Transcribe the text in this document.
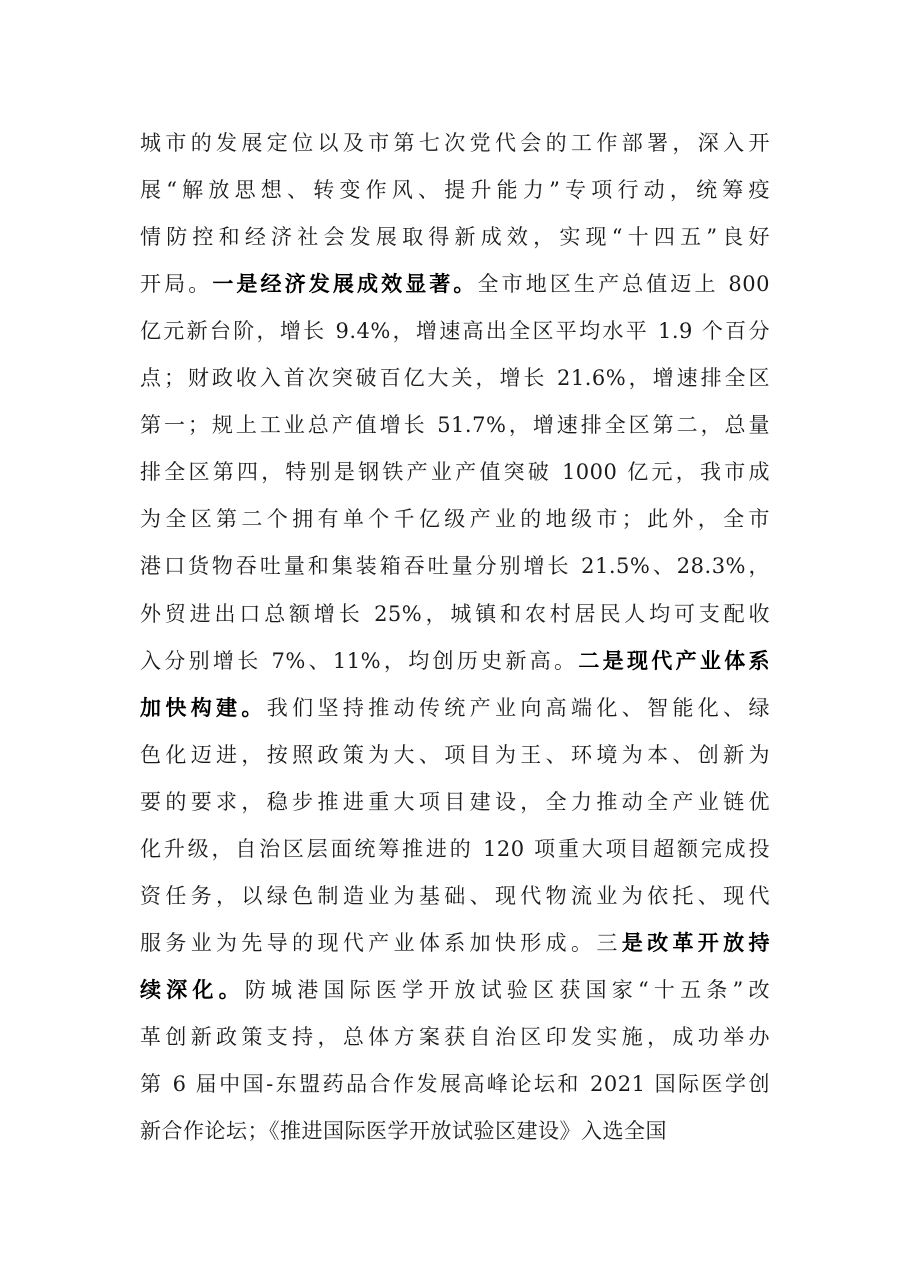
城市的发展定位以及市第七次党代会的工作部署，深入开
展“解放思想、转变作风、提升能力”专项行动，统筹疫
情防控和经济社会发展取得新成效，实现“十四五”良好
开局。一是经济发展成效显著。全市地区生产总值迈上 800
亿元新台阶，增长 9.4%，增速高出全区平均水平 1.9 个百分
点；财政收入首次突破百亿大关，增长 21.6%，增速排全区
第一；规上工业总产值增长 51.7%，增速排全区第二，总量
排全区第四，特别是钢铁产业产值突破 1000 亿元，我市成
为全区第二个拥有单个千亿级产业的地级市；此外，全市
港口货物吞吐量和集装箱吞吐量分别增长 21.5%、28.3%，
外贸进出口总额增长 25%，城镇和农村居民人均可支配收
入分别增长 7%、11%，均创历史新高。二是现代产业体系
加快构建。我们坚持推动传统产业向高端化、智能化、绿
色化迈进，按照政策为大、项目为王、环境为本、创新为
要的要求，稳步推进重大项目建设，全力推动全产业链优
化升级，自治区层面统筹推进的 120 项重大项目超额完成投
资任务，以绿色制造业为基础、现代物流业为依托、现代
服务业为先导的现代产业体系加快形成。三是改革开放持
续深化。防城港国际医学开放试验区获国家“十五条”改
革创新政策支持，总体方案获自治区印发实施，成功举办
第 6 届中国-东盟药品合作发展高峰论坛和 2021 国际医学创
新合作论坛；《推进国际医学开放试验区建设》入选全国
